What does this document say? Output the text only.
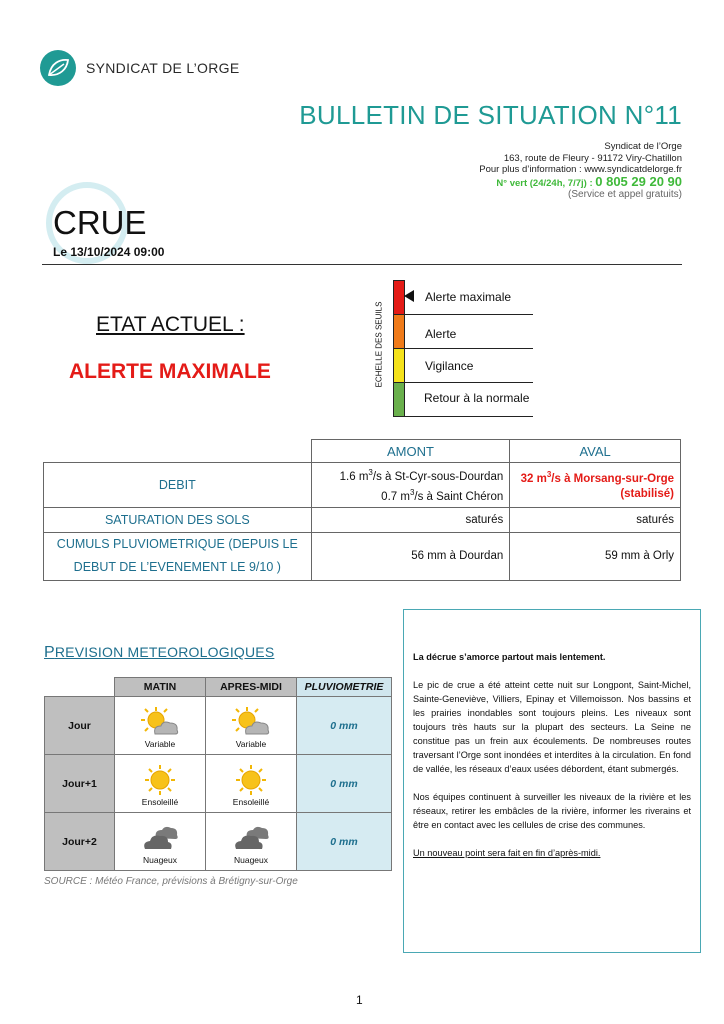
SYNDICAT DE L’ORGE
BULLETIN DE SITUATION N°11
Syndicat de l’Orge
163, route de Fleury - 91172 Viry-Chatillon
Pour plus d’information : www.syndicatdelorge.fr
N° vert (24/24h, 7/7j) : 0 805 29 20 90
(Service et appel gratuits)
CRUE
Le 13/10/2024 09:00
ETAT ACTUEL :
ALERTE MAXIMALE	ECHELLE DES SEUILS
Alerte maximale
Alerte
Vigilance
Retour à la normale
	AMONT	AVAL
DEBIT	1.6 $m^3/s$ à St-Cyr-sous-Dourdan
0.7 $m^3/s$ à Saint Chéron	32 $m^3/s$ à Morsang-sur-Orge (stabilisé)
SATURATION DES SOLS	saturés	saturés
CUMULS PLUVIOMETRIQUE (DEPUIS LE DEBUT DE L’EVENEMENT LE 9/10 )	56 mm à Dourdan	59 mm à Orly
PREVISION METEOROLOGIQUES
	MATIN	APRES-MIDI	PLUVIOMETRIE
Jour	Variable	Variable	0 mm
Jour+1	Ensoleillé	Ensoleillé	0 mm
Jour+2	Nuageux	Nuageux	0 mm
SOURCE : Météo France, prévisions à Brétigny-sur-Orge

La décrue s’amorce partout mais lentement.

Le pic de crue a été atteint cette nuit sur Longpont, Saint-Michel, Sainte-Geneviève, Villiers, Epinay et Villemoisson. Nos bassins et les prairies inondables sont toujours pleins. Les niveaux sont toujours très hauts sur la plupart des secteurs. La Seine ne constitue pas un frein aux écoulements. De nombreuses routes traversant l’Orge sont inondées et interdites à la circulation. En fond de vallée, les réseaux d’eaux usées débordent, étant submergés.

Nos équipes continuent à surveiller les niveaux de la rivière et les réseaux, retirer les embâcles de la rivière, informer les riverains et être en contact avec les cellules de crise des communes.

Un nouveau point sera fait en fin d’après-midi.

1
